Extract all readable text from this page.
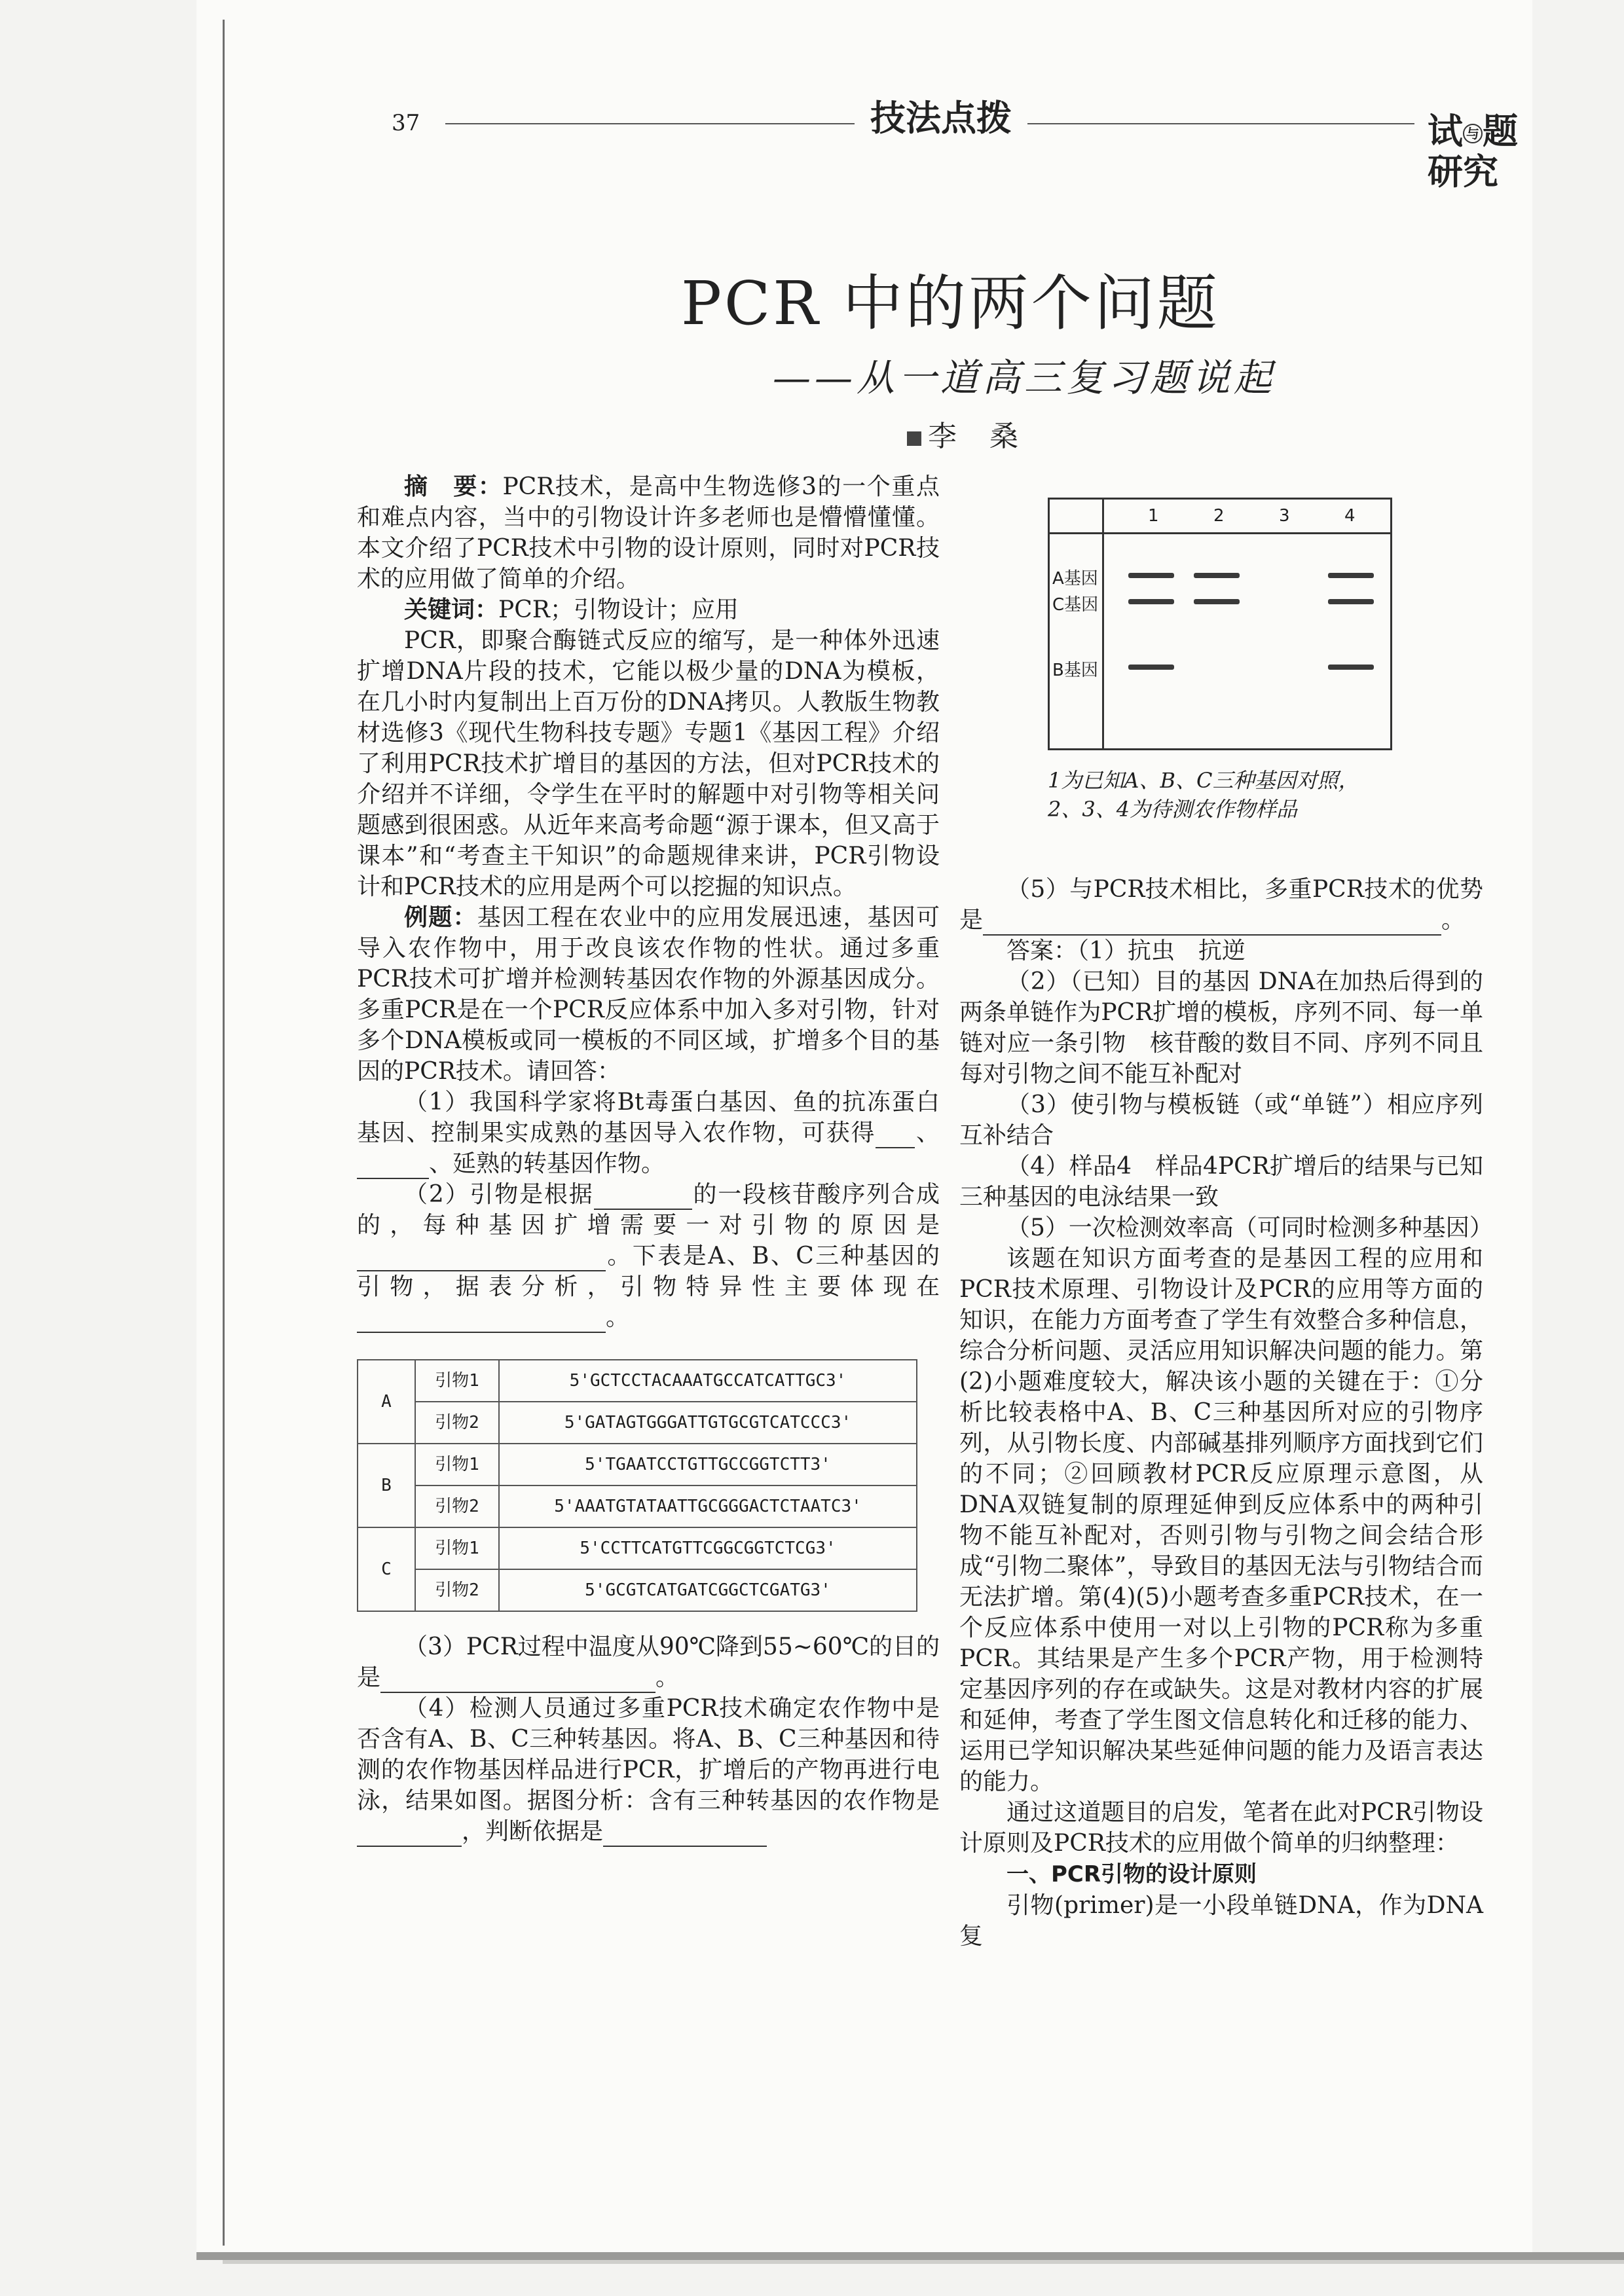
37	技法点拨	试 与题
研究
PCR 中的两个问题
——从一道高三复习题说起
李 桑

摘　要：PCR技术，是高中生物选修3的一个重点和难点内容，当中的引物设计许多老师也是懵懵懂懂。本文介绍了PCR技术中引物的设计原则，同时对PCR技术的应用做了简单的介绍。

关键词：PCR；引物设计；应用

PCR，即聚合酶链式反应的缩写，是一种体外迅速扩增DNA片段的技术，它能以极少量的DNA为模板，在几小时内复制出上百万份的DNA拷贝。人教版生物教材选修3《现代生物科技专题》专题1《基因工程》介绍了利用PCR技术扩增目的基因的方法，但对PCR技术的介绍并不详细，令学生在平时的解题中对引物等相关问题感到很困惑。从近年来高考命题“源于课本，但又高于课本”和“考查主干知识”的命题规律来讲，PCR引物设计和PCR技术的应用是两个可以挖掘的知识点。

例题：基因工程在农业中的应用发展迅速，基因可导入农作物中，用于改良该农作物的性状。通过多重PCR技术可扩增并检测转基因农作物的外源基因成分。多重PCR是在一个PCR反应体系中加入多对引物，针对多个DNA模板或同一模板的不同区域，扩增多个目的基因的PCR技术。请回答：

（1）我国科学家将Bt毒蛋白基因、鱼的抗冻蛋白基因、控制果实成熟的基因导入农作物，可获得 、、延熟的转基因作物。

（2）引物是根据	的一段核苷酸序列合成的，每种基因扩增需要一对引物的原因是。下表是A、B、C三种基因的引物，据表分析，引物特异性主要体现在。

A	引物1	5'GCTCCTACAAATGCCATCATTGC3'
	引物2	5'GATAGTGGGATTGTGCGTCATCCC3'
B	引物1	5'TGAATCCTGTTGCCGGTCTT3'
	引物2	5'AAATGTATAATTGCGGGACTCTAATC3'
C	引物1	5'CCTTCATGTTCGGCGGTCTCG3'
	引物2	5'GCGTCATGATCGGCTCGATG3'

（3）PCR过程中温度从90℃降到55~60℃的目的是	。

（4）检测人员通过多重PCR技术确定农作物中是否含有A、B、C三种转基因。将A、B、C三种基因和待测的农作物基因样品进行PCR，扩增后的产物再进行电泳，结果如图。据图分析：含有三种转基因的农作物是，判断依据是

1	2	3	4
A基因
C基因
B基因
1为已知A、B、C三种基因对照，
2、3、4为待测农作物样品

（5）与PCR技术相比，多重PCR技术的优势是	。

答案：（1）抗虫　抗逆

（2）（已知）目的基因 DNA在加热后得到的两条单链作为PCR扩增的模板，序列不同、每一单链对应一条引物　核苷酸的数目不同、序列不同且每对引物之间不能互补配对

（3）使引物与模板链（或“单链”）相应序列互补结合

（4）样品4　样品4PCR扩增后的结果与已知三种基因的电泳结果一致

（5）一次检测效率高（可同时检测多种基因）

该题在知识方面考查的是基因工程的应用和PCR技术原理、引物设计及PCR的应用等方面的知识，在能力方面考查了学生有效整合多种信息，综合分析问题、灵活应用知识解决问题的能力。第(2)小题难度较大，解决该小题的关键在于：①分析比较表格中A、B、C三种基因所对应的引物序列，从引物长度、内部碱基排列顺序方面找到它们的不同；②回顾教材PCR反应原理示意图，从DNA双链复制的原理延伸到反应体系中的两种引物不能互补配对，否则引物与引物之间会结合形成“引物二聚体”，导致目的基因无法与引物结合而无法扩增。第(4)(5)小题考查多重PCR技术，在一个反应体系中使用一对以上引物的PCR称为多重PCR。其结果是产生多个PCR产物，用于检测特定基因序列的存在或缺失。这是对教材内容的扩展和延伸，考查了学生图文信息转化和迁移的能力、运用已学知识解决某些延伸问题的能力及语言表达的能力。

通过这道题目的启发，笔者在此对PCR引物设计原则及PCR技术的应用做个简单的归纳整理：

一、PCR引物的设计原则

引物(primer)是一小段单链DNA，作为DNA复
